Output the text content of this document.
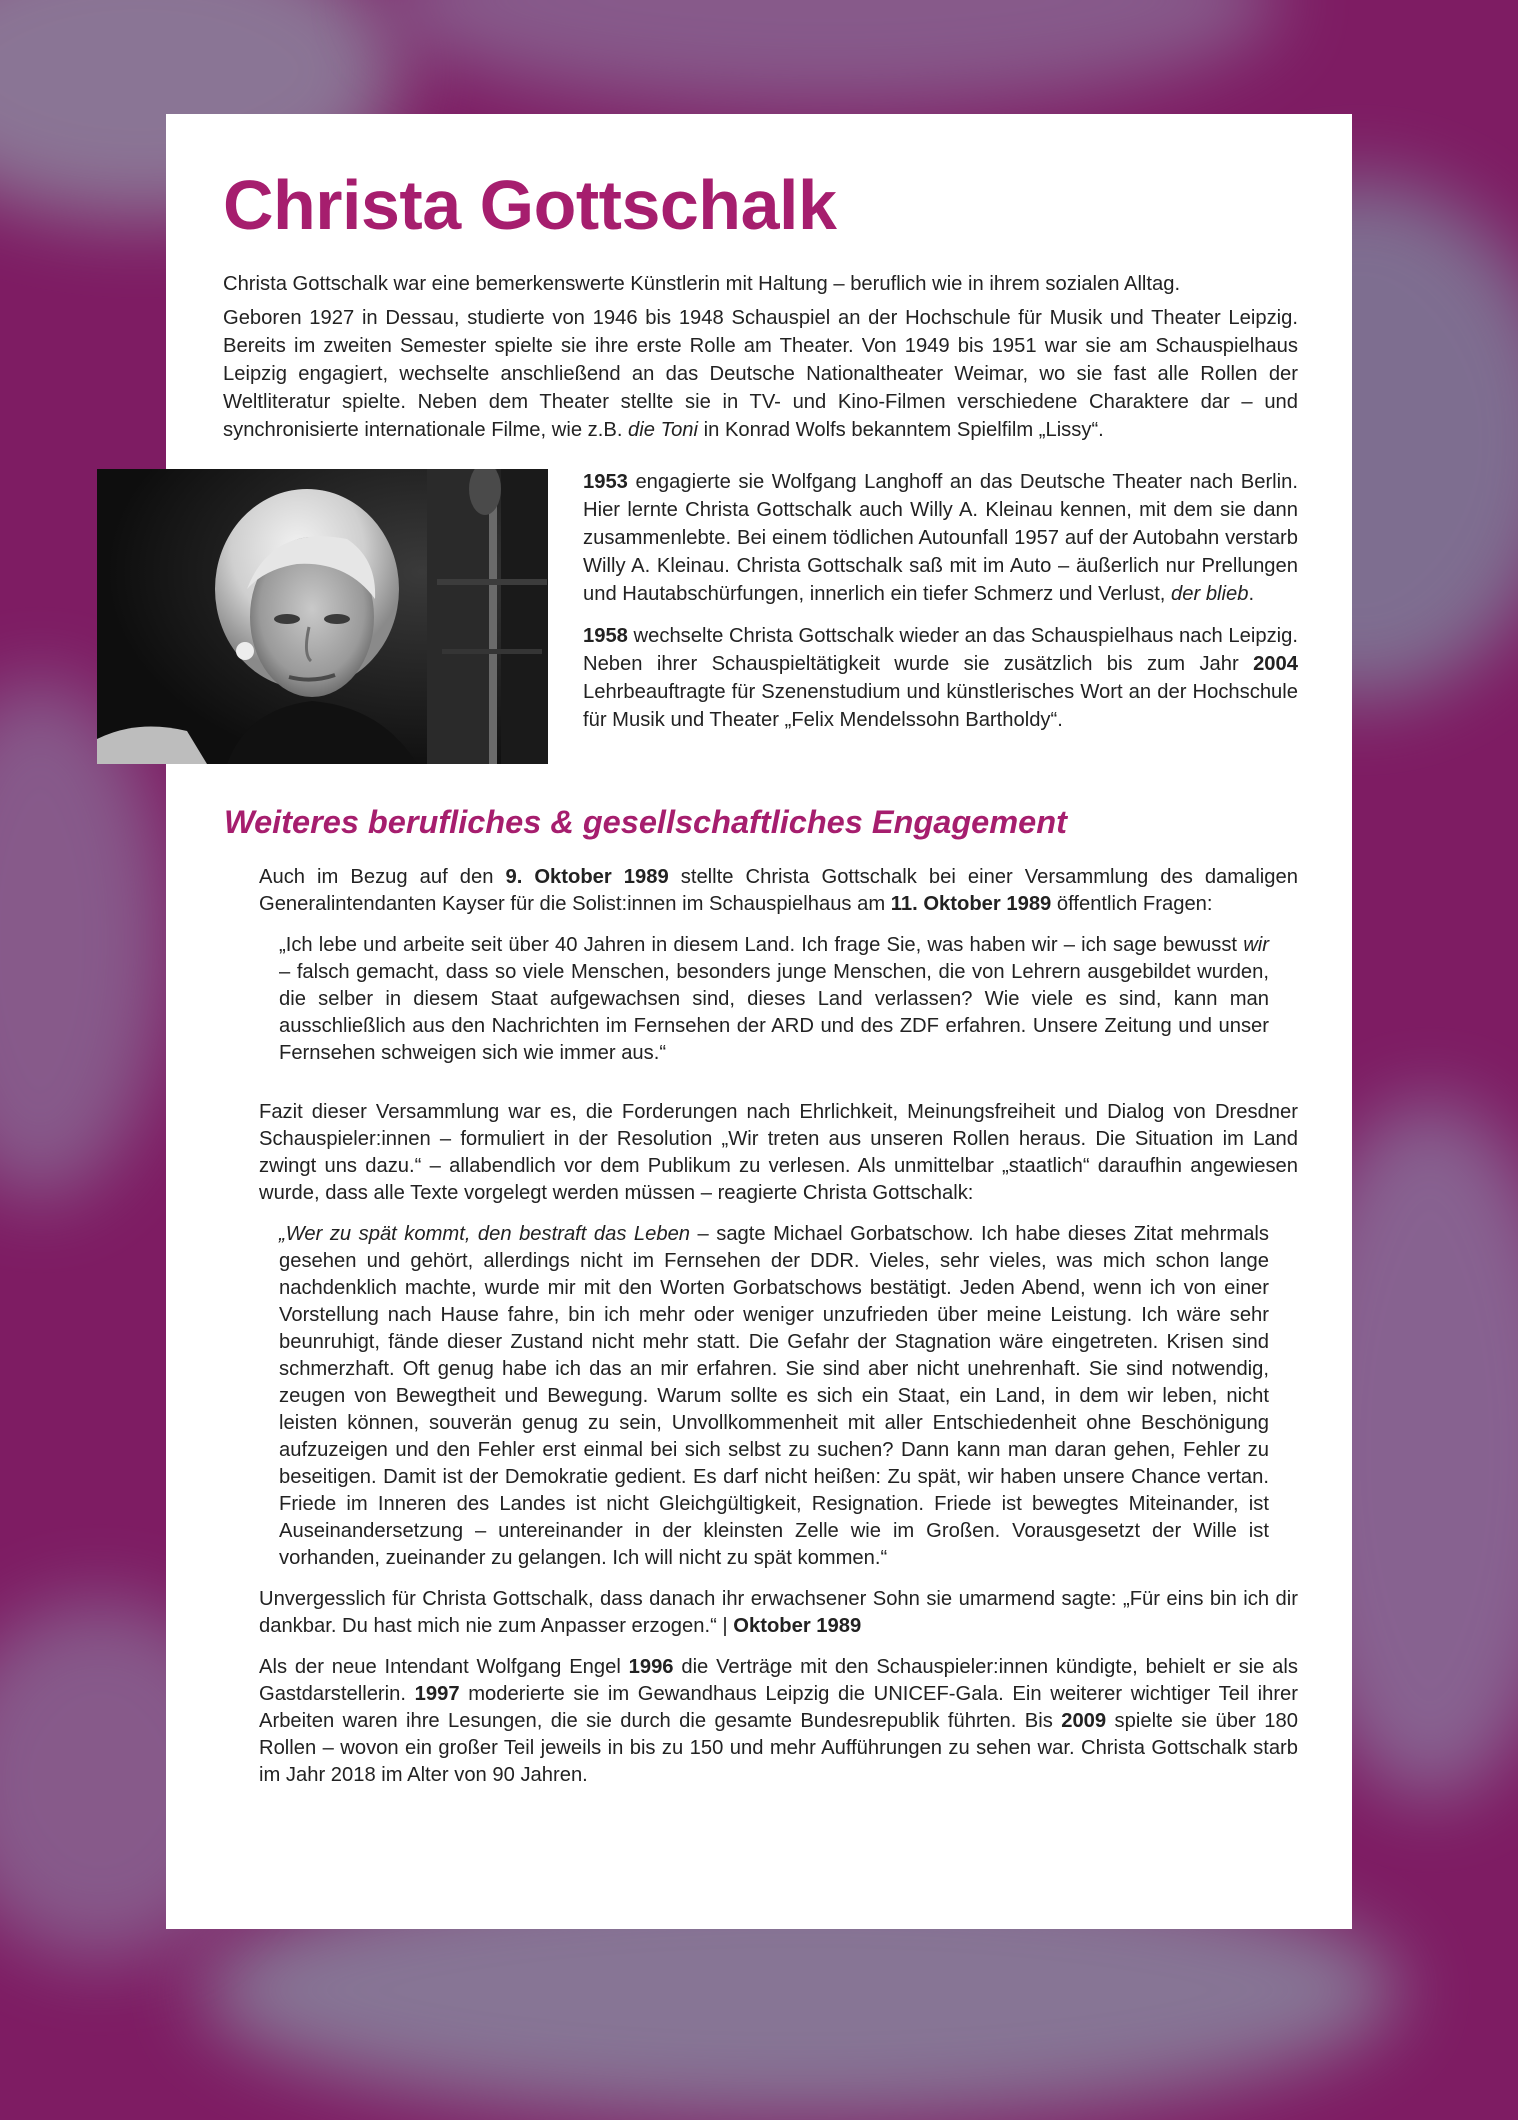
Christa Gottschalk

Christa Gottschalk war eine bemerkenswerte Künstlerin mit Haltung – beruflich wie in ihrem sozialen Alltag.

Geboren 1927 in Dessau, studierte von 1946 bis 1948 Schauspiel an der Hochschule für Musik und Theater Leipzig. Bereits im zweiten Semester spielte sie ihre erste Rolle am Theater. Von 1949 bis 1951 war sie am Schauspielhaus Leipzig engagiert, wechselte anschließend an das Deutsche Nationaltheater Weimar, wo sie fast alle Rollen der Weltliteratur spielte. Neben dem Theater stellte sie in TV- und Kino-Filmen verschiedene Charaktere dar – und synchronisierte internationale Filme, wie z.B. die Toni in Konrad Wolfs bekanntem Spielfilm „Lissy“.

1953 engagierte sie Wolfgang Langhoff an das Deutsche Theater nach Berlin. Hier lernte Christa Gottschalk auch Willy A. Kleinau kennen, mit dem sie dann zusammenlebte. Bei einem tödlichen Autounfall 1957 auf der Autobahn verstarb Willy A. Kleinau. Christa Gottschalk saß mit im Auto – äußerlich nur Prellungen und Hautabschürfungen, innerlich ein tiefer Schmerz und Verlust, der blieb.

1958 wechselte Christa Gottschalk wieder an das Schauspielhaus nach Leipzig. Neben ihrer Schauspieltätigkeit wurde sie zusätzlich bis zum Jahr 2004 Lehrbeauftragte für Szenenstudium und künstlerisches Wort an der Hochschule für Musik und Theater „Felix Mendelssohn Bartholdy“.

Weiteres berufliches & gesellschaftliches Engagement

Auch im Bezug auf den 9. Oktober 1989 stellte Christa Gottschalk bei einer Versammlung des damaligen Generalintendanten Kayser für die Solist:innen im Schauspielhaus am 11. Oktober 1989 öffentlich Fragen:

„Ich lebe und arbeite seit über 40 Jahren in diesem Land. Ich frage Sie, was haben wir – ich sage bewusst wir – falsch gemacht, dass so viele Menschen, besonders junge Menschen, die von Lehrern ausgebildet wurden, die selber in diesem Staat aufgewachsen sind, dieses Land verlassen? Wie viele es sind, kann man ausschließlich aus den Nachrichten im Fernsehen der ARD und des ZDF erfahren. Unsere Zeitung und unser Fernsehen schweigen sich wie immer aus.“

Fazit dieser Versammlung war es, die Forderungen nach Ehrlichkeit, Meinungsfreiheit und Dialog von Dresdner Schauspieler:innen – formuliert in der Resolution „Wir treten aus unseren Rollen heraus. Die Situation im Land zwingt uns dazu.“ – allabendlich vor dem Publikum zu verlesen. Als unmittelbar „staatlich“ daraufhin angewiesen wurde, dass alle Texte vorgelegt werden müssen – reagierte Christa Gottschalk:

„Wer zu spät kommt, den bestraft das Leben – sagte Michael Gorbatschow. Ich habe dieses Zitat mehrmals gesehen und gehört, allerdings nicht im Fernsehen der DDR. Vieles, sehr vieles, was mich schon lange nachdenklich machte, wurde mir mit den Worten Gorbatschows bestätigt. Jeden Abend, wenn ich von einer Vorstellung nach Hause fahre, bin ich mehr oder weniger unzufrieden über meine Leistung. Ich wäre sehr beunruhigt, fände dieser Zustand nicht mehr statt. Die Gefahr der Stagnation wäre eingetreten. Krisen sind schmerzhaft. Oft genug habe ich das an mir erfahren. Sie sind aber nicht unehrenhaft. Sie sind notwendig, zeugen von Bewegtheit und Bewegung. Warum sollte es sich ein Staat, ein Land, in dem wir leben, nicht leisten können, souverän genug zu sein, Unvollkommenheit mit aller Entschiedenheit ohne Beschönigung aufzuzeigen und den Fehler erst einmal bei sich selbst zu suchen? Dann kann man daran gehen, Fehler zu beseitigen. Damit ist der Demokratie gedient. Es darf nicht heißen: Zu spät, wir haben unsere Chance vertan. Friede im Inneren des Landes ist nicht Gleichgültigkeit, Resignation. Friede ist bewegtes Miteinander, ist Auseinandersetzung – untereinander in der kleinsten Zelle wie im Großen. Vorausgesetzt der Wille ist vorhanden, zueinander zu gelangen. Ich will nicht zu spät kommen.“

Unvergesslich für Christa Gottschalk, dass danach ihr erwachsener Sohn sie umarmend sagte: „Für eins bin ich dir dankbar. Du hast mich nie zum Anpasser erzogen.“ | Oktober 1989

Als der neue Intendant Wolfgang Engel 1996 die Verträge mit den Schauspieler:innen kündigte, behielt er sie als Gastdarstellerin. 1997 moderierte sie im Gewandhaus Leipzig die UNICEF-Gala. Ein weiterer wichtiger Teil ihrer Arbeiten waren ihre Lesungen, die sie durch die gesamte Bundesrepublik führten. Bis 2009 spielte sie über 180 Rollen – wovon ein großer Teil jeweils in bis zu 150 und mehr Aufführungen zu sehen war. Christa Gottschalk starb im Jahr 2018 im Alter von 90 Jahren.
